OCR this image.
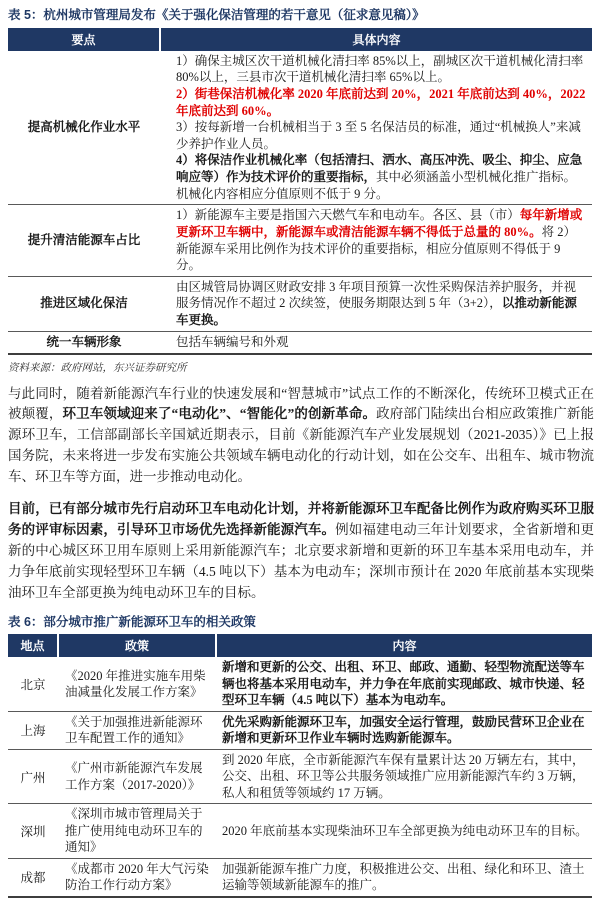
表 5：杭州城市管理局发布《关于强化保洁管理的若干意见（征求意见稿）》
要点	具体内容
提高机械化作业水平	1）确保主城区次干道机械化清扫率 85%以上，副城区次干道机械化清扫率 80%以上，三县市次干道机械化清扫率 65%以上。
2）街巷保洁机械化率 2020 年底前达到 20%，2021 年底前达到 40%，2022 年底前达到 60%。
3）按每新增一台机械相当于 3 至 5 名保洁员的标准，通过“机械换人”来减少养护作业人员。
4）将保洁作业机械化率（包括清扫、洒水、高压冲洗、吸尘、抑尘、应急响应等）作为技术评价的重要指标，其中必须涵盖小型机械化推广指标。机械化内容相应分值原则不低于 9 分。

提升清洁能源车占比	1）新能源车主要是指国六天燃气车和电动车。各区、县（市）每年新增或更新环卫车辆中，新能源车或清洁能源车辆不得低于总量的 80%。将 2）新能源车采用比例作为技术评价的重要指标，相应分值原则不得低于 9 分。

推进区域化保洁	由区城管局协调区财政安排 3 年项目预算一次性采购保洁养护服务，并视服务情况作不超过 2 次续签，使服务期限达到 5 年（3+2），以推动新能源车更换。

统一车辆形象	包括车辆编号和外观
资料来源：政府网站，东兴证券研究所

与此同时，随着新能源汽车行业的快速发展和“智慧城市”试点工作的不断深化，传统环卫模式正在被颠覆，环卫车领域迎来了“电动化”、“智能化”的创新革命。政府部门陆续出台相应政策推广新能源环卫车，工信部副部长辛国斌近期表示，目前《新能源汽车产业发展规划（2021-2035）》已上报国务院，未来将进一步发布实施公共领域车辆电动化的行动计划，如在公交车、出租车、城市物流车、环卫车等方面，进一步推动电动化。

目前，已有部分城市先行启动环卫车电动化计划，并将新能源环卫车配备比例作为政府购买环卫服务的评审标因素，引导环卫市场优先选择新能源汽车。例如福建电动三年计划要求，全省新增和更新的中心城区环卫用车原则上采用新能源汽车；北京要求新增和更新的环卫车基本采用电动车，并力争年底前实现轻型环卫车辆（4.5 吨以下）基本为电动车；深圳市预计在 2020 年底前基本实现柴油环卫车全部更换为纯电动环卫车的目标。

表 6：部分城市推广新能源环卫车的相关政策
地点	政策	内容
北京	《2020 年推进实施车用柴油减量化发展工作方案》	新增和更新的公交、出租、环卫、邮政、通勤、轻型物流配送等车辆也将基本采用电动车，并力争在年底前实现邮政、城市快递、轻型环卫车辆（4.5 吨以下）基本为电动车。
上海	《关于加强推进新能源环卫车配置工作的通知》	优先采购新能源环卫车，加强安全运行管理，鼓励民营环卫企业在新增和更新环卫作业车辆时选购新能源车。
广州	《广州市新能源汽车发展工作方案（2017-2020）》	到 2020 年底，全市新能源汽车保有量累计达 20 万辆左右，其中，公交、出租、环卫等公共服务领域推广应用新能源汽车约 3 万辆，私人和租赁等领域约 17 万辆。
深圳	《深圳市城市管理局关于推广使用纯电动环卫车的通知》	2020 年底前基本实现柴油环卫车全部更换为纯电动环卫车的目标。
成都	《成都市 2020 年大气污染防治工作行动方案》	加强新能源车推广力度，积极推进公交、出租、绿化和环卫、渣土运输等领域新能源车的推广。
